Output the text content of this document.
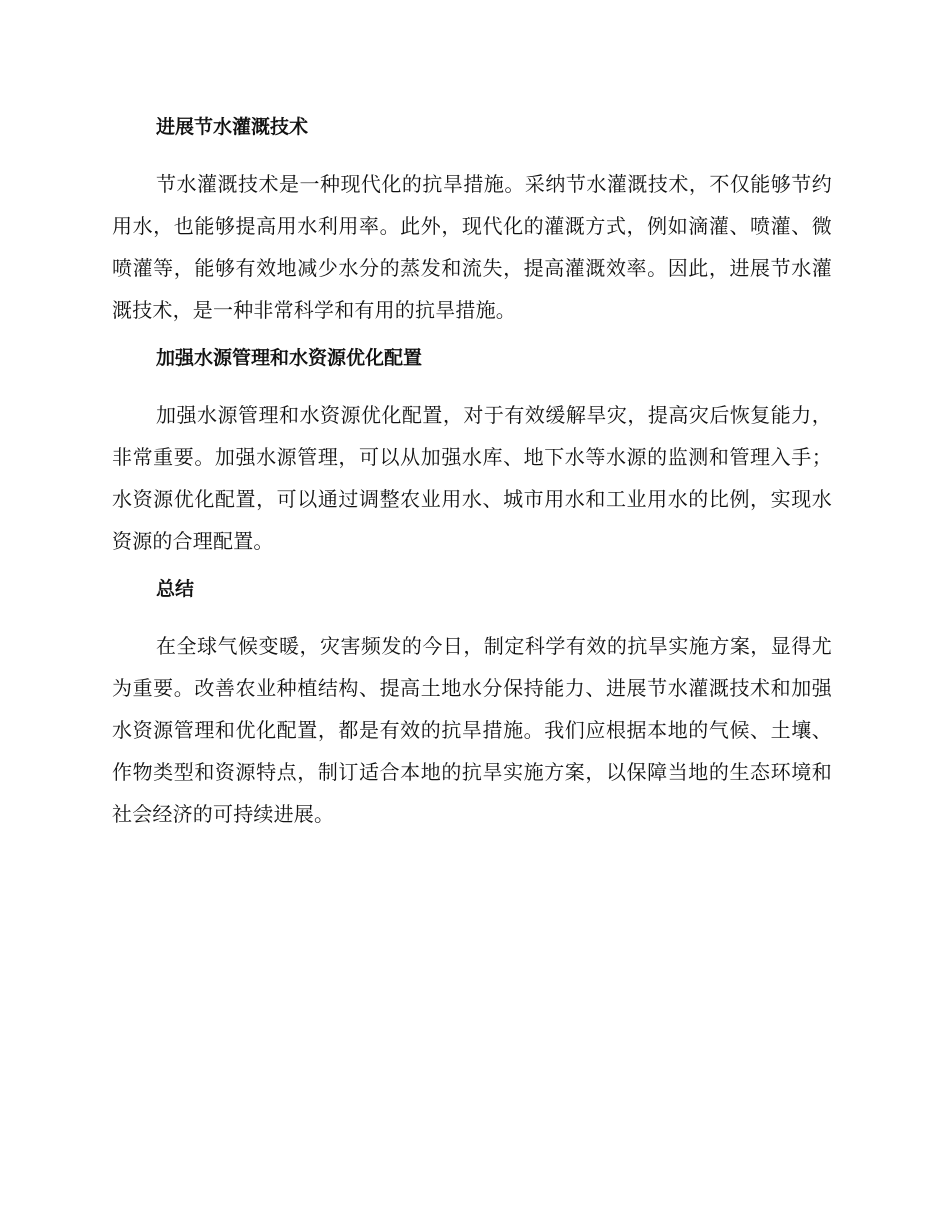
进展节水灌溉技术

节水灌溉技术是一种现代化的抗旱措施。采纳节水灌溉技术，不仅能够节约用水，也能够提高用水利用率。此外，现代化的灌溉方式，例如滴灌、喷灌、微喷灌等，能够有效地减少水分的蒸发和流失，提高灌溉效率。因此，进展节水灌溉技术，是一种非常科学和有用的抗旱措施。

加强水源管理和水资源优化配置

加强水源管理和水资源优化配置，对于有效缓解旱灾，提高灾后恢复能力，非常重要。加强水源管理，可以从加强水库、地下水等水源的监测和管理入手；水资源优化配置，可以通过调整农业用水、城市用水和工业用水的比例，实现水资源的合理配置。

总结

在全球气候变暖，灾害频发的今日，制定科学有效的抗旱实施方案，显得尤为重要。改善农业种植结构、提高土地水分保持能力、进展节水灌溉技术和加强水资源管理和优化配置，都是有效的抗旱措施。我们应根据本地的气候、土壤、作物类型和资源特点，制订适合本地的抗旱实施方案，以保障当地的生态环境和社会经济的可持续进展。
